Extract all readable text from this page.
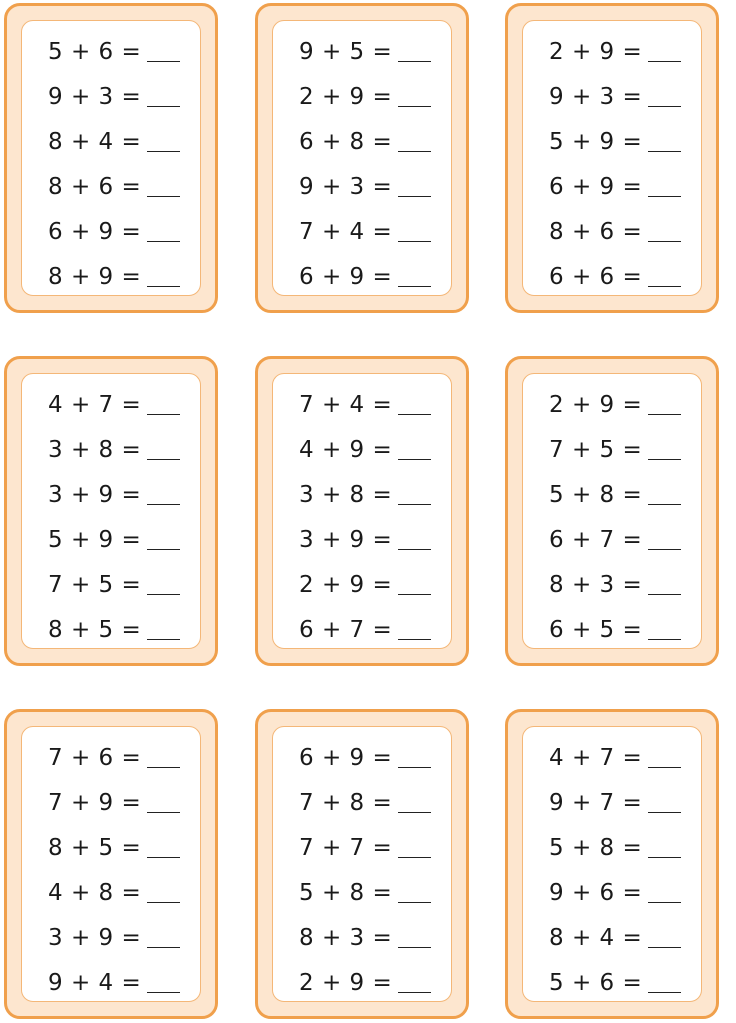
5 + 6 =
9 + 3 =
8 + 4 =
8 + 6 =
6 + 9 =
8 + 9 =
9 + 5 =
2 + 9 =
6 + 8 =
9 + 3 =
7 + 4 =
6 + 9 =
2 + 9 =
9 + 3 =
5 + 9 =
6 + 9 =
8 + 6 =
6 + 6 =
4 + 7 =
3 + 8 =
3 + 9 =
5 + 9 =
7 + 5 =
8 + 5 =
7 + 4 =
4 + 9 =
3 + 8 =
3 + 9 =
2 + 9 =
6 + 7 =
2 + 9 =
7 + 5 =
5 + 8 =
6 + 7 =
8 + 3 =
6 + 5 =
7 + 6 =
7 + 9 =
8 + 5 =
4 + 8 =
3 + 9 =
9 + 4 =
6 + 9 =
7 + 8 =
7 + 7 =
5 + 8 =
8 + 3 =
2 + 9 =
4 + 7 =
9 + 7 =
5 + 8 =
9 + 6 =
8 + 4 =
5 + 6 =
